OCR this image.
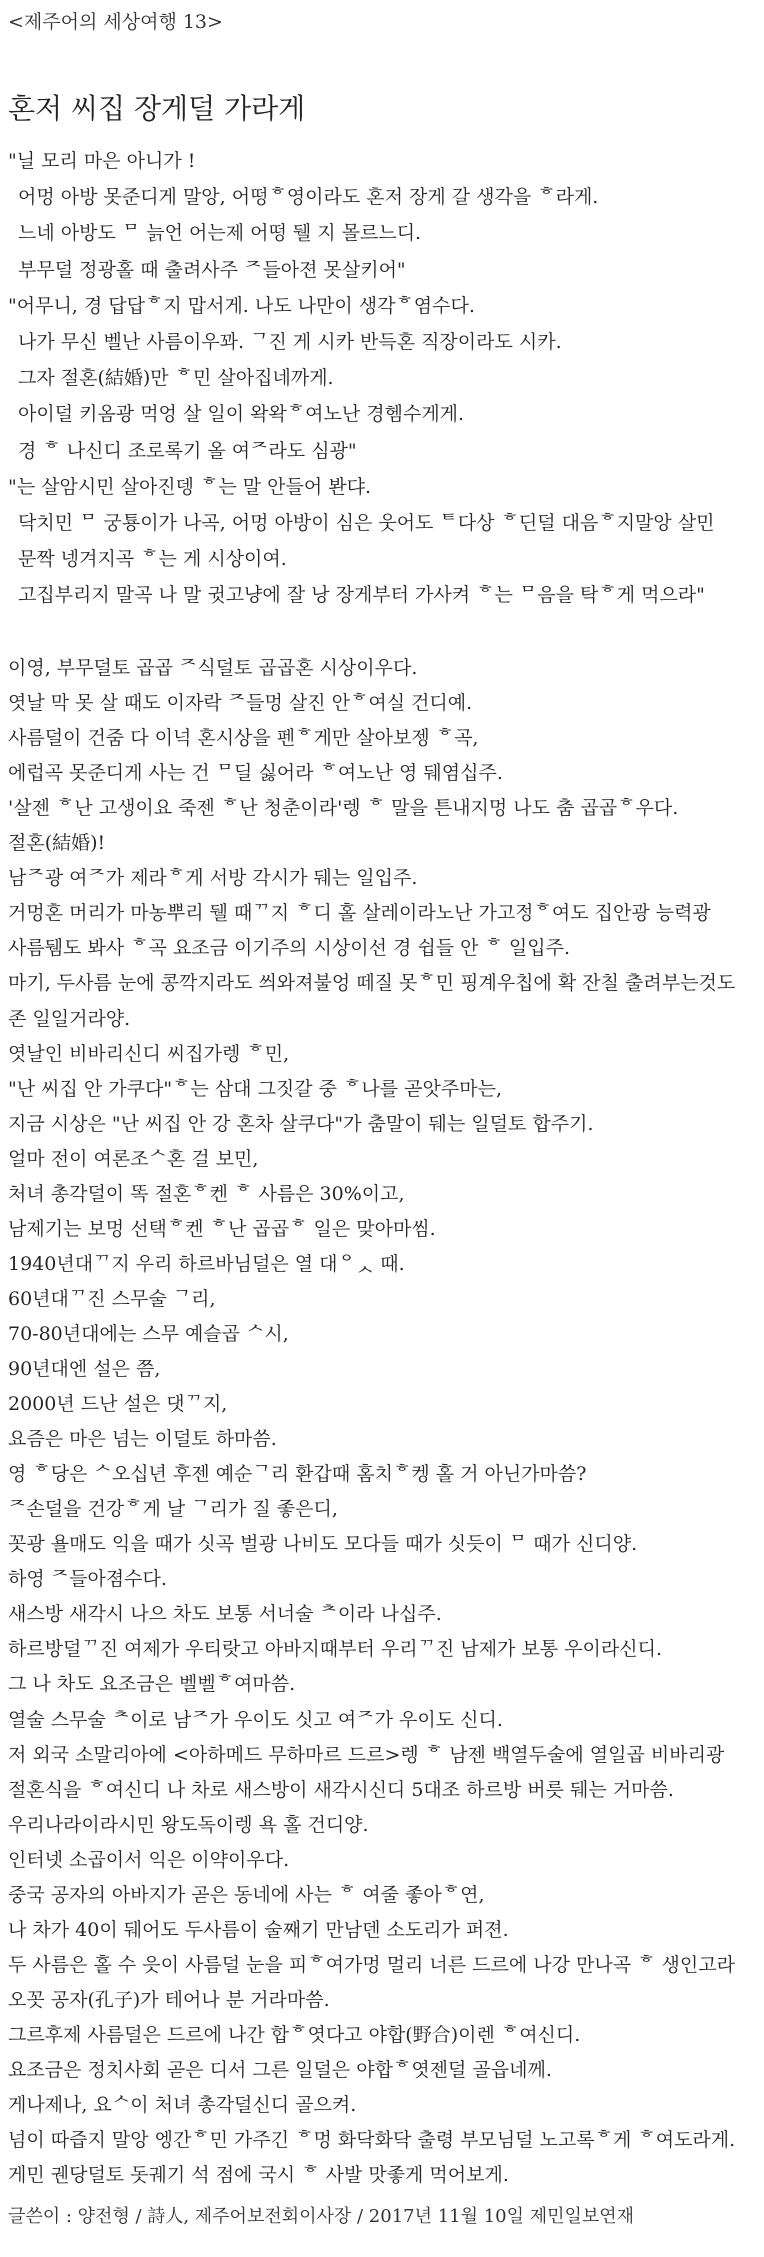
<제주어의 세상여행 13>
혼저 씨집 장게덜 가라게
"닐 모리 마은 아니가 !
어멍 아방 못준디게 말앙, 어떵ᄒ영이라도 혼저 장게 갈 생각을 ᄒ라게.
느네 아방도 ᄆ 늙언 어는제 어떵 뒐 지 몰르느디.
부무덜 정광홀 때 출려사주 ᄌ들아젼 못살키어"
"어무니, 경 답답ᄒ지 맙서게. 나도 나만이 생각ᄒ염수다.
나가 무신 벨난 사름이우꽈. ᄀ진 게 시카 반득혼 직장이라도 시카.
그자 절혼(結婚)만 ᄒ민 살아집네까게.
아이덜 키옴광 먹엉 살 일이 왁왁ᄒ여노난 경헴수게게.
경 ᄒ 나신디 조로록기 올 여ᄌ라도 심광"
"는 살암시민 살아진뎅 ᄒ는 말 안들어 봔댜.
닥치민 ᄆ 궁툥이가 나곡, 어멍 아방이 심은 웃어도 ᄐ다상 ᄒ딘덜 대음ᄒ지말앙 살민
문짝 넹겨지곡 ᄒ는 게 시상이여.
고집부리지 말곡 나 말 귓고냥에 잘 낭 장게부터 가사켜 ᄒ는 ᄆ음을 탁ᄒ게 먹으라"
이영, 부무덜토 곱곱 ᄌ식덜토 곱곱혼 시상이우다.
엿날 막 못 살 때도 이자락 ᄌ들멍 살진 안ᄒ여실 건디예.
사름덜이 건줌 다 이넉 혼시상을 펜ᄒ게만 살아보젱 ᄒ곡,
에럽곡 못준디게 사는 건 ᄆ딜 싫어라 ᄒ여노난 영 뒈염십주.
'살젠 ᄒ난 고생이요 죽젠 ᄒ난 청춘이라'렝 ᄒ 말을 튼내지멍 나도 춤 곱곱ᄒ우다.
절혼(結婚)!
남ᄌ광 여ᄌ가 제라ᄒ게 서방 각시가 뒈는 일입주.
거멍혼 머리가 마농뿌리 뒐 때ᄁ지 ᄒ디 홀 살레이라노난 가고정ᄒ여도 집안광 능력광
사름뒘도 봐사 ᄒ곡 요조금 이기주의 시상이선 경 쉽들 안 ᄒ 일입주.
마기, 두사름 눈에 콩깍지라도 씌와져불엉 떼질 못ᄒ민 핑계우칩에 확 잔칠 출려부는것도
존 일일거라양.
엿날인 비바리신디 씨집가렝 ᄒ민,
"난 씨집 안 가쿠다"ᄒ는 삼대 그짓갈 중 ᄒ나를 곧앗주마는,
지금 시상은 "난 씨집 안 강 혼차 살쿠다"가 춤말이 뒈는 일덜토 합주기.
얼마 전이 여론조ᄉ혼 걸 보민,
처녀 총각덜이 똑 절혼ᄒ켄 ᄒ 사름은 30%이고,
남제기는 보멍 선택ᄒ켄 ᄒ난 곱곱ᄒ 일은 맞아마씸.
1940년대ᄁ지 우리 하르바님덜은 열 대ᄋᆺ 때.
60년대ᄁ진 스무술 ᄀ리,
70-80년대에는 스무 예슬곱 ᄉ시,
90년대엔 설은 쯤,
2000년 드난 설은 댓ᄁ지,
요즘은 마은 넘는 이덜토 하마씀.
영 ᄒ당은 ᄉ오십년 후젠 예순ᄀ리 환갑때 홈치ᄒ켕 홀 거 아닌가마씀?
ᄌ손덜을 건강ᄒ게 날 ᄀ리가 질 좋은디,
꼿광 욜매도 익을 때가 싯곡 벌광 나비도 모다들 때가 싯듯이 ᄆ 때가 신디양.
하영 ᄌ들아졈수다.
새스방 새각시 나으 차도 보통 서너술 ᄎ이라 나십주.
하르방덜ᄁ진 여제가 우티랏고 아바지때부터 우리ᄁ진 남제가 보통 우이라신디.
그 나 차도 요조금은 벨벨ᄒ여마씀.
열술 스무술 ᄎ이로 남ᄌ가 우이도 싯고 여ᄌ가 우이도 신디.
저 외국 소말리아에 <아하메드 무하마르 드르>렝 ᄒ 남젠 백열두술에 열일곱 비바리광
절혼식을 ᄒ여신디 나 차로 새스방이 새각시신디 5대조 하르방 버릇 뒈는 거마씀.
우리나라이라시민 왕도독이렝 욕 홀 건디양.
인터넷 소곱이서 익은 이약이우다.
중국 공자의 아바지가 곧은 동네에 사는 ᄒ 여줄 좋아ᄒ연,
나 차가 40이 뒈어도 두사름이 술째기 만남덴 소도리가 퍼젼.
두 사름은 홀 수 읏이 사름덜 눈을 피ᄒ여가멍 멀리 너른 드르에 나강 만나곡 ᄒ 생인고라
오꼿 공자(孔子)가 테어나 분 거라마씀.
그르후제 사름덜은 드르에 나간 합ᄒ엿다고 야합(野合)이렌 ᄒ여신디.
요조금은 정치사회 곧은 디서 그른 일덜은 야합ᄒ엿젠덜 골읍네께.
게나제나, 요ᄉ이 처녀 총각덜신디 골으켜.
넘이 따즙지 말앙 엥간ᄒ민 가주긴 ᄒ멍 화닥화닥 출령 부모님덜 노고록ᄒ게 ᄒ여도라게.
게민 궨당덜토 돗궤기 석 점에 국시 ᄒ 사발 맛좋게 먹어보게.
글쓴이 : 양전형 / 詩人, 제주어보전회이사장 / 2017년 11월 10일 제민일보연재
